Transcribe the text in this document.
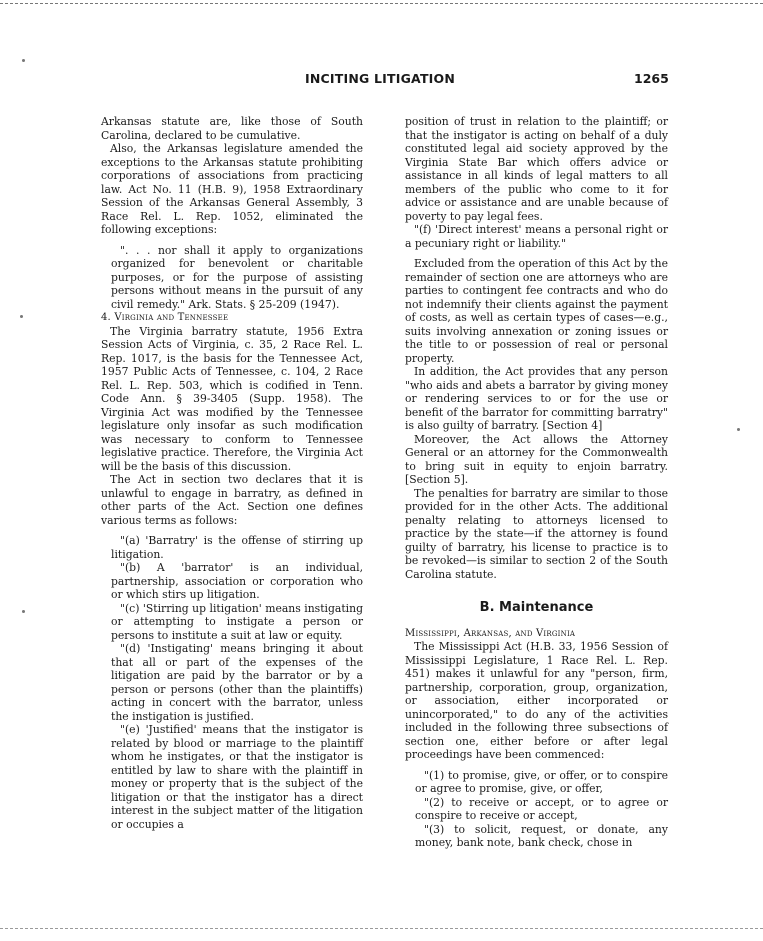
INCITING LITIGATION	1265

Arkansas statute are, like those of South Carolina, declared to be cumulative.

Also, the Arkansas legislature amended the exceptions to the Arkansas statute prohibiting corporations of associations from practicing law. Act No. 11 (H.B. 9), 1958 Extraordinary Session of the Arkansas General Assembly, 3 Race Rel. L. Rep. 1052, eliminated the following exceptions:

". . . nor shall it apply to organizations organized for benevolent or charitable purposes, or for the purpose of assisting persons without means in the pursuit of any civil remedy." Ark. Stats. § 25-209 (1947).

4. Virginia and Tennessee

The Virginia barratry statute, 1956 Extra Session Acts of Virginia, c. 35, 2 Race Rel. L. Rep. 1017, is the basis for the Tennessee Act, 1957 Public Acts of Tennessee, c. 104, 2 Race Rel. L. Rep. 503, which is codified in Tenn. Code Ann. § 39-3405 (Supp. 1958). The Virginia Act was modified by the Tennessee legislature only insofar as such modification was necessary to conform to Tennessee legislative practice. Therefore, the Virginia Act will be the basis of this discussion.

The Act in section two declares that it is unlawful to engage in barratry, as defined in other parts of the Act. Section one defines various terms as follows:

"(a) 'Barratry' is the offense of stirring up litigation.

"(b) A 'barrator' is an individual, partnership, association or corporation who or which stirs up litigation.

"(c) 'Stirring up litigation' means instigating or attempting to instigate a person or persons to institute a suit at law or equity.

"(d) 'Instigating' means bringing it about that all or part of the expenses of the litigation are paid by the barrator or by a person or persons (other than the plaintiffs) acting in concert with the barrator, unless the instigation is justified.

"(e) 'Justified' means that the instigator is related by blood or marriage to the plaintiff whom he instigates, or that the instigator is entitled by law to share with the plaintiff in money or property that is the subject of the litigation or that the instigator has a direct interest in the subject matter of the litigation or occupies a

position of trust in relation to the plaintiff; or that the instigator is acting on behalf of a duly constituted legal aid society approved by the Virginia State Bar which offers advice or assistance in all kinds of legal matters to all members of the public who come to it for advice or assistance and are unable because of poverty to pay legal fees.

"(f) 'Direct interest' means a personal right or a pecuniary right or liability."

Excluded from the operation of this Act by the remainder of section one are attorneys who are parties to contingent fee contracts and who do not indemnify their clients against the payment of costs, as well as certain types of cases—e.g., suits involving annexation or zoning issues or the title to or possession of real or personal property.

In addition, the Act provides that any person "who aids and abets a barrator by giving money or rendering services to or for the use or benefit of the barrator for committing barratry" is also guilty of barratry. [Section 4]

Moreover, the Act allows the Attorney General or an attorney for the Commonwealth to bring suit in equity to enjoin barratry. [Section 5].

The penalties for barratry are similar to those provided for in the other Acts. The additional penalty relating to attorneys licensed to practice by the state—if the attorney is found guilty of barratry, his license to practice is to be revoked—is similar to section 2 of the South Carolina statute.

B. Maintenance

Mississippi, Arkansas, and Virginia

The Mississippi Act (H.B. 33, 1956 Session of Mississippi Legislature, 1 Race Rel. L. Rep. 451) makes it unlawful for any "person, firm, partnership, corporation, group, organization, or association, either incorporated or unincorporated," to do any of the activities included in the following three subsections of section one, either before or after legal proceedings have been commenced:

"(1) to promise, give, or offer, or to conspire or agree to promise, give, or offer,

"(2) to receive or accept, or to agree or conspire to receive or accept,

"(3) to solicit, request, or donate, any money, bank note, bank check, chose in
